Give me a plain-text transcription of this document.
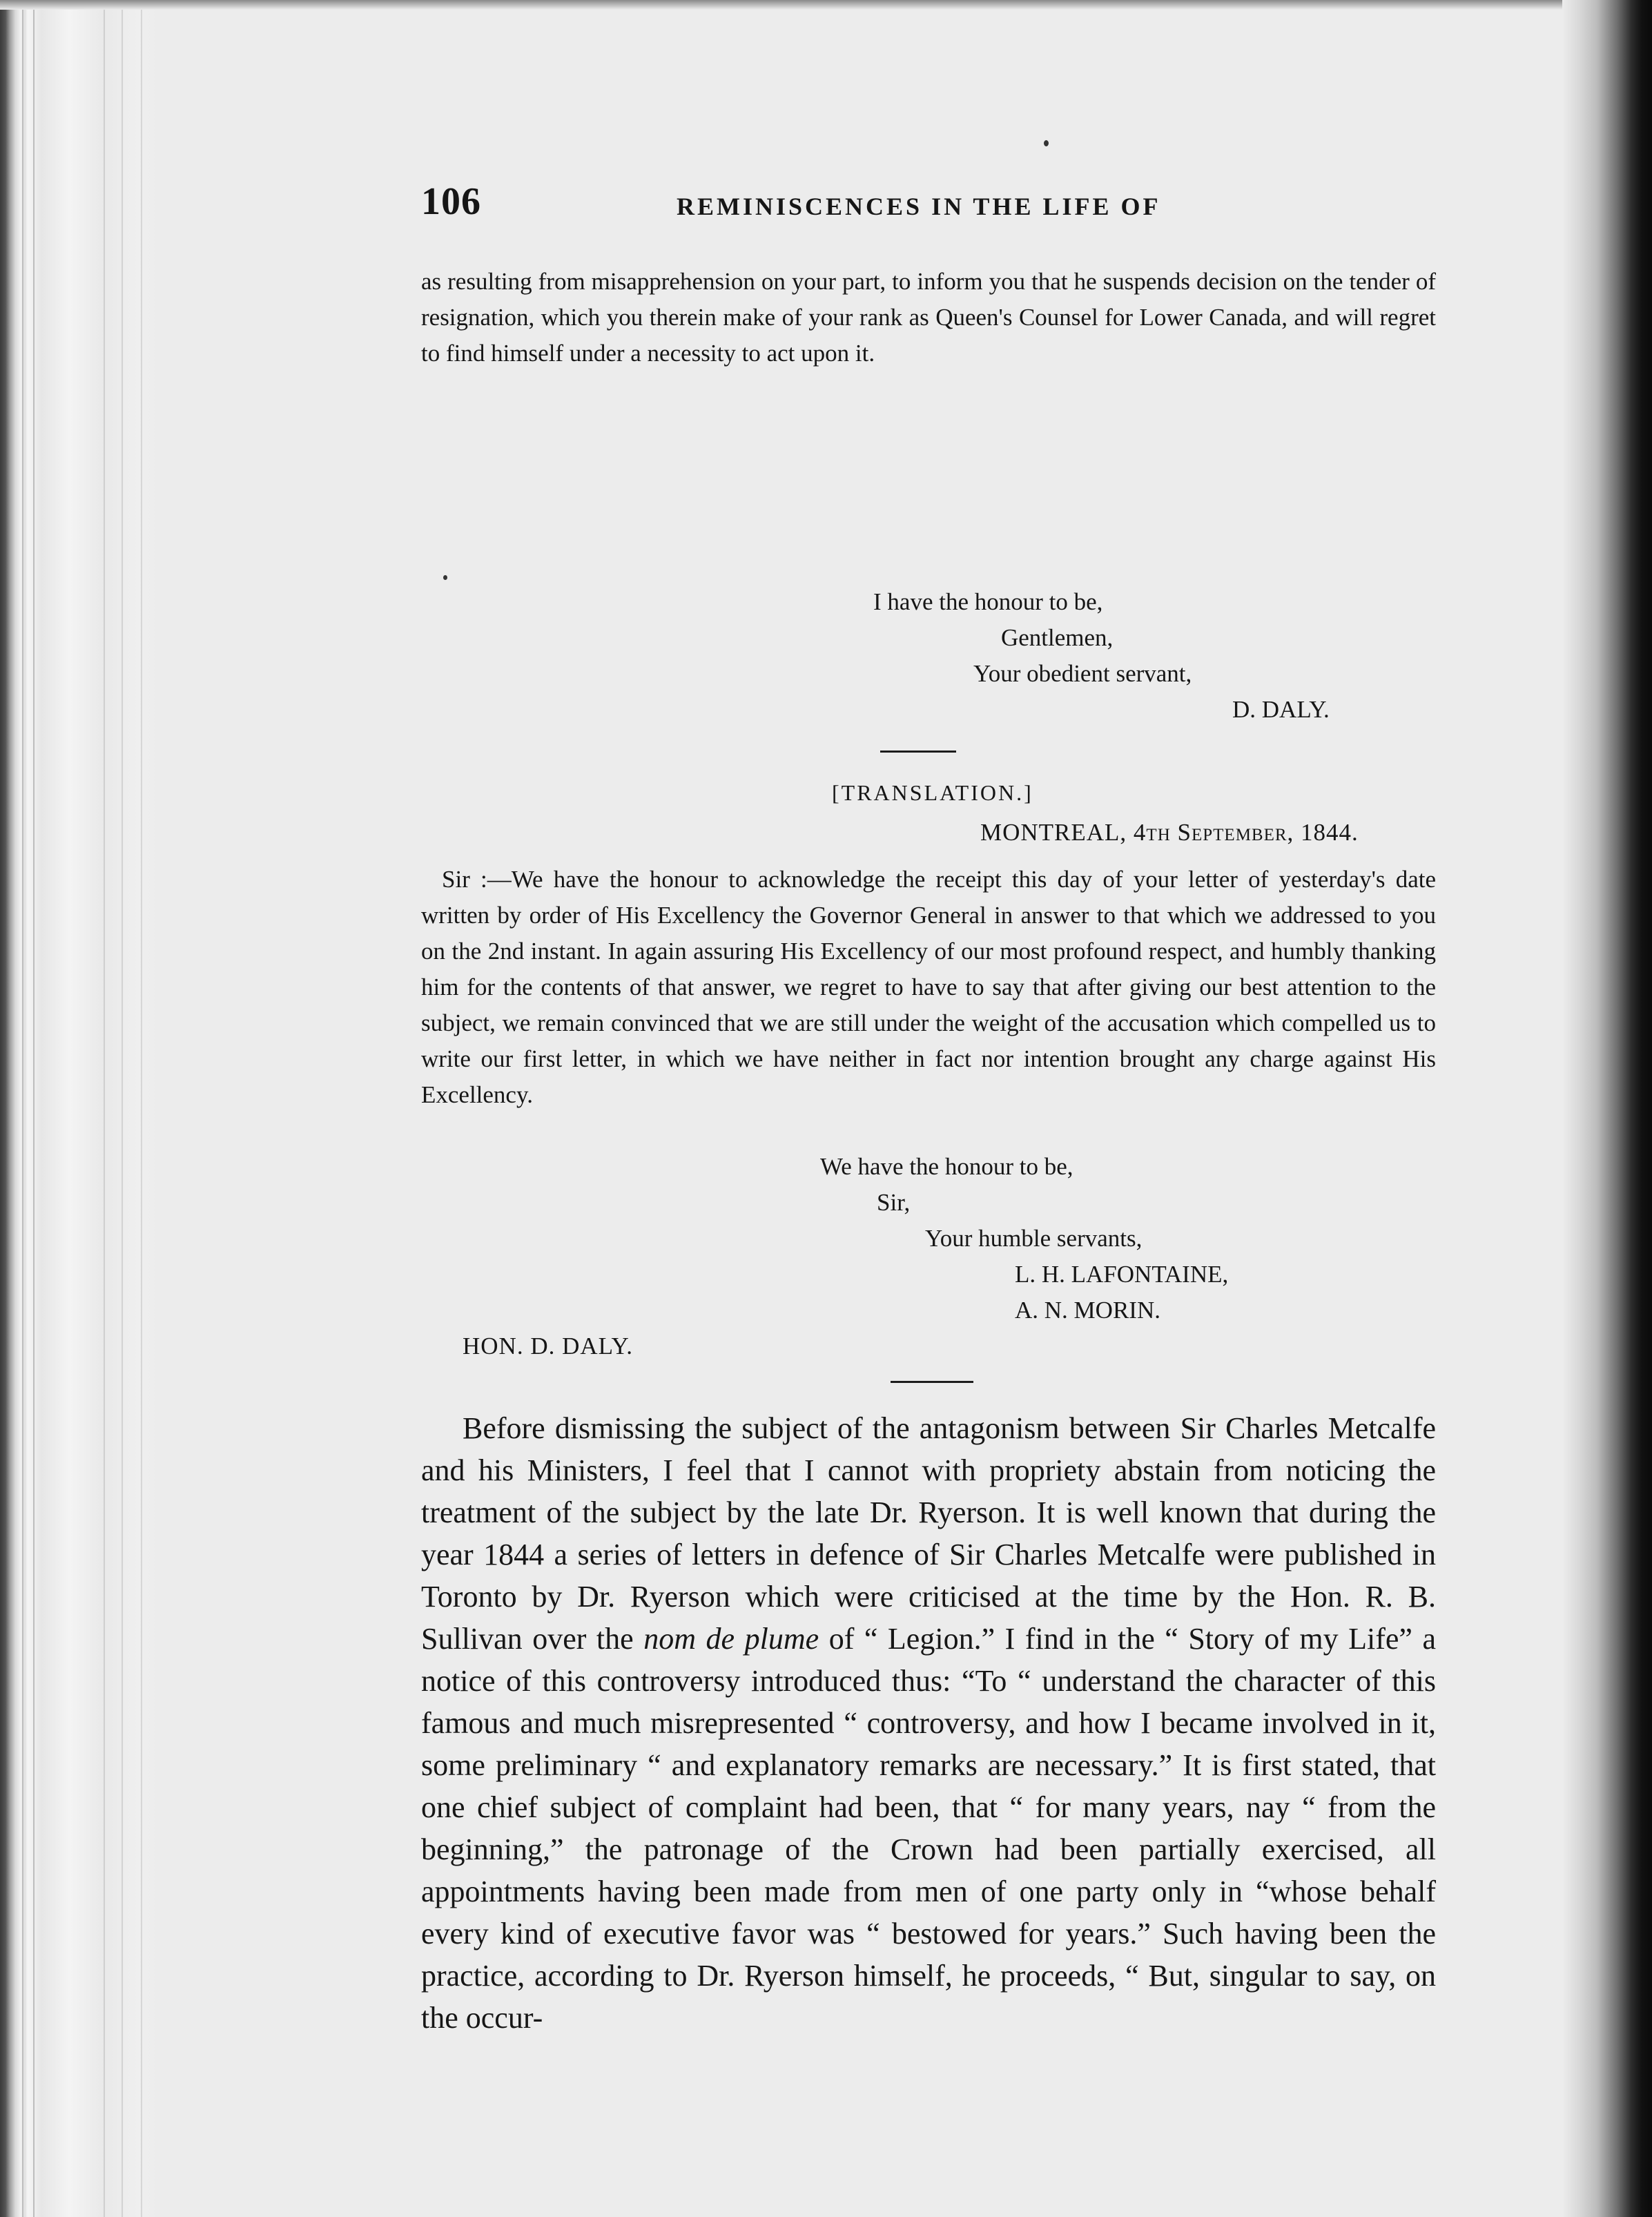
106	REMINISCENCES IN THE LIFE OF

as resulting from misapprehension on your part, to inform you that he suspends decision on the tender of resignation, which you therein make of your rank as Queen's Counsel for Lower Canada, and will regret to find himself under a necessity to act upon it.

I have the honour to be,
Gentlemen,
Your obedient servant,
D. DALY.
[TRANSLATION.]
MONTREAL, 4th September, 1844.

Sir :—We have the honour to acknowledge the receipt this day of your letter of yesterday's date written by order of His Excellency the Governor General in answer to that which we addressed to you on the 2nd instant. In again assuring His Excellency of our most profound respect, and humbly thanking him for the contents of that answer, we regret to have to say that after giving our best attention to the subject, we remain convinced that we are still under the weight of the accusation which compelled us to write our first letter, in which we have neither in fact nor intention brought any charge against His Excellency.

We have the honour to be,
Sir,
Your humble servants,
L. H. LAFONTAINE,
A. N. MORIN.
HON. D. DALY.

Before dismissing the subject of the antagonism between Sir Charles Metcalfe and his Ministers, I feel that I cannot with propriety abstain from noticing the treatment of the subject by the late Dr. Ryerson. It is well known that during the year 1844 a series of letters in defence of Sir Charles Metcalfe were published in Toronto by Dr. Ryerson which were criticised at the time by the Hon. R. B. Sullivan over the nom de plume of “ Legion.” I find in the “ Story of my Life” a notice of this controversy introduced thus: “To “ understand the character of this famous and much misrepresented “ controversy, and how I became involved in it, some preliminary “ and explanatory remarks are necessary.” It is first stated, that one chief subject of complaint had been, that “ for many years, nay “ from the beginning,” the patronage of the Crown had been partially exercised, all appointments having been made from men of one party only in “whose behalf every kind of executive favor was “ bestowed for years.” Such having been the practice, according to Dr. Ryerson himself, he proceeds, “ But, singular to say, on the occur-
